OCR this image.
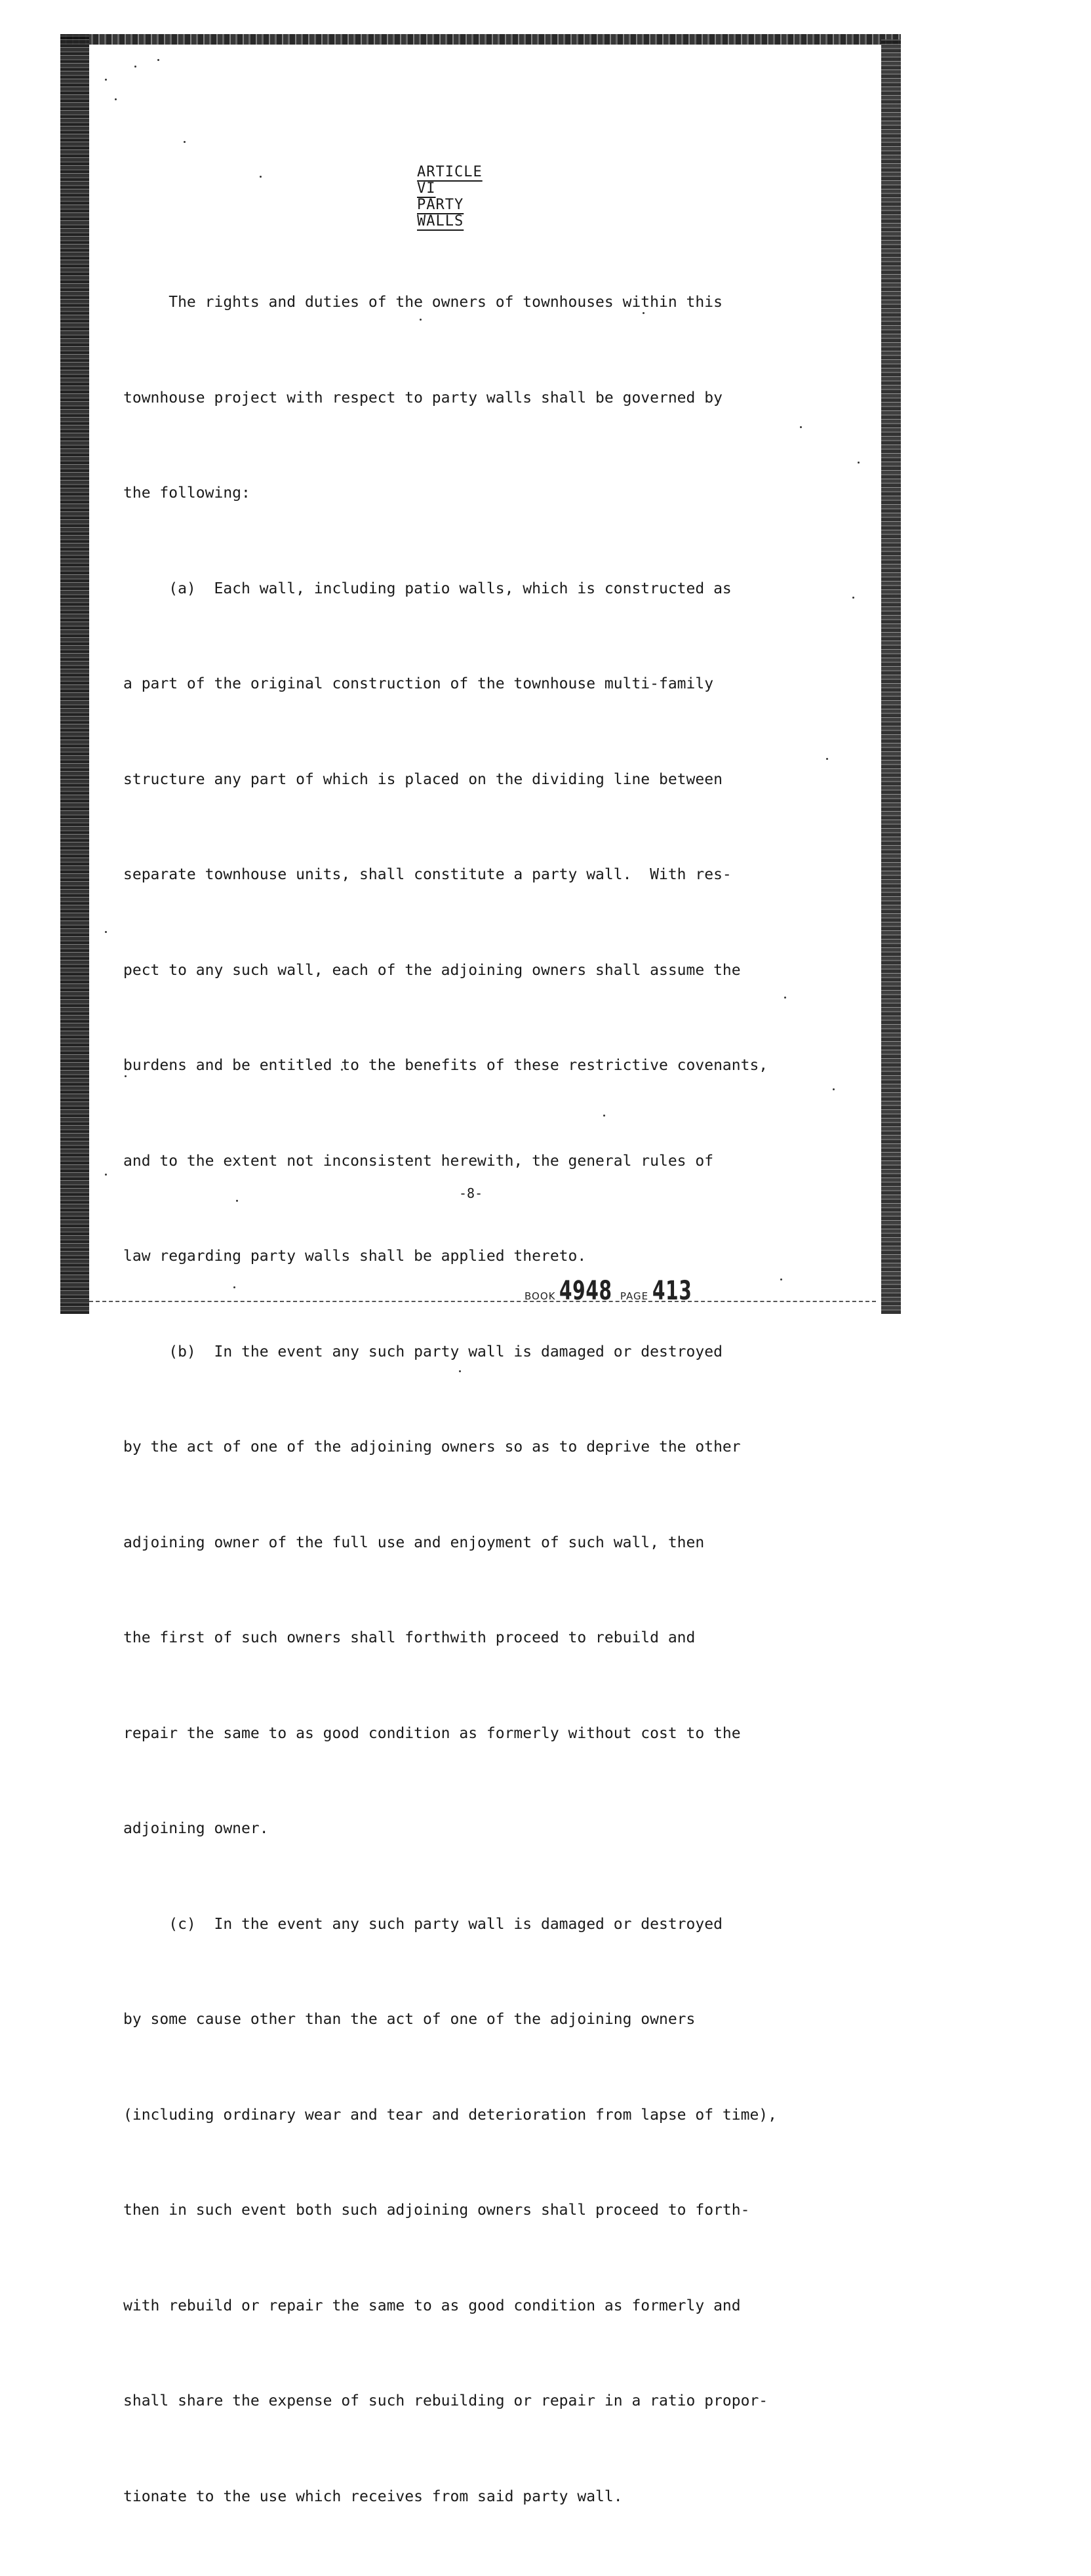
ARTICLE VI
PARTY WALLS

The rights and duties of the owners of townhouses within this

townhouse project with respect to party walls shall be governed by

the following:

(a)  Each wall, including patio walls, which is constructed as

a part of the original construction of the townhouse multi-family

structure any part of which is placed on the dividing line between

separate townhouse units, shall constitute a party wall.  With res-

pect to any such wall, each of the adjoining owners shall assume the

burdens and be entitled to the benefits of these restrictive covenants,

and to the extent not inconsistent herewith, the general rules of

law regarding party walls shall be applied thereto.

(b)  In the event any such party wall is damaged or destroyed

by the act of one of the adjoining owners so as to deprive the other

adjoining owner of the full use and enjoyment of such wall, then

the first of such owners shall forthwith proceed to rebuild and

repair the same to as good condition as formerly without cost to the

adjoining owner.

(c)  In the event any such party wall is damaged or destroyed

by some cause other than the act of one of the adjoining owners

(including ordinary wear and tear and deterioration from lapse of time),

then in such event both such adjoining owners shall proceed to forth-

with rebuild or repair the same to as good condition as formerly and

shall share the expense of such rebuilding or repair in a ratio propor-

tionate to the use which receives from said party wall.

-8-
BOOK 4948 PAGE 413
